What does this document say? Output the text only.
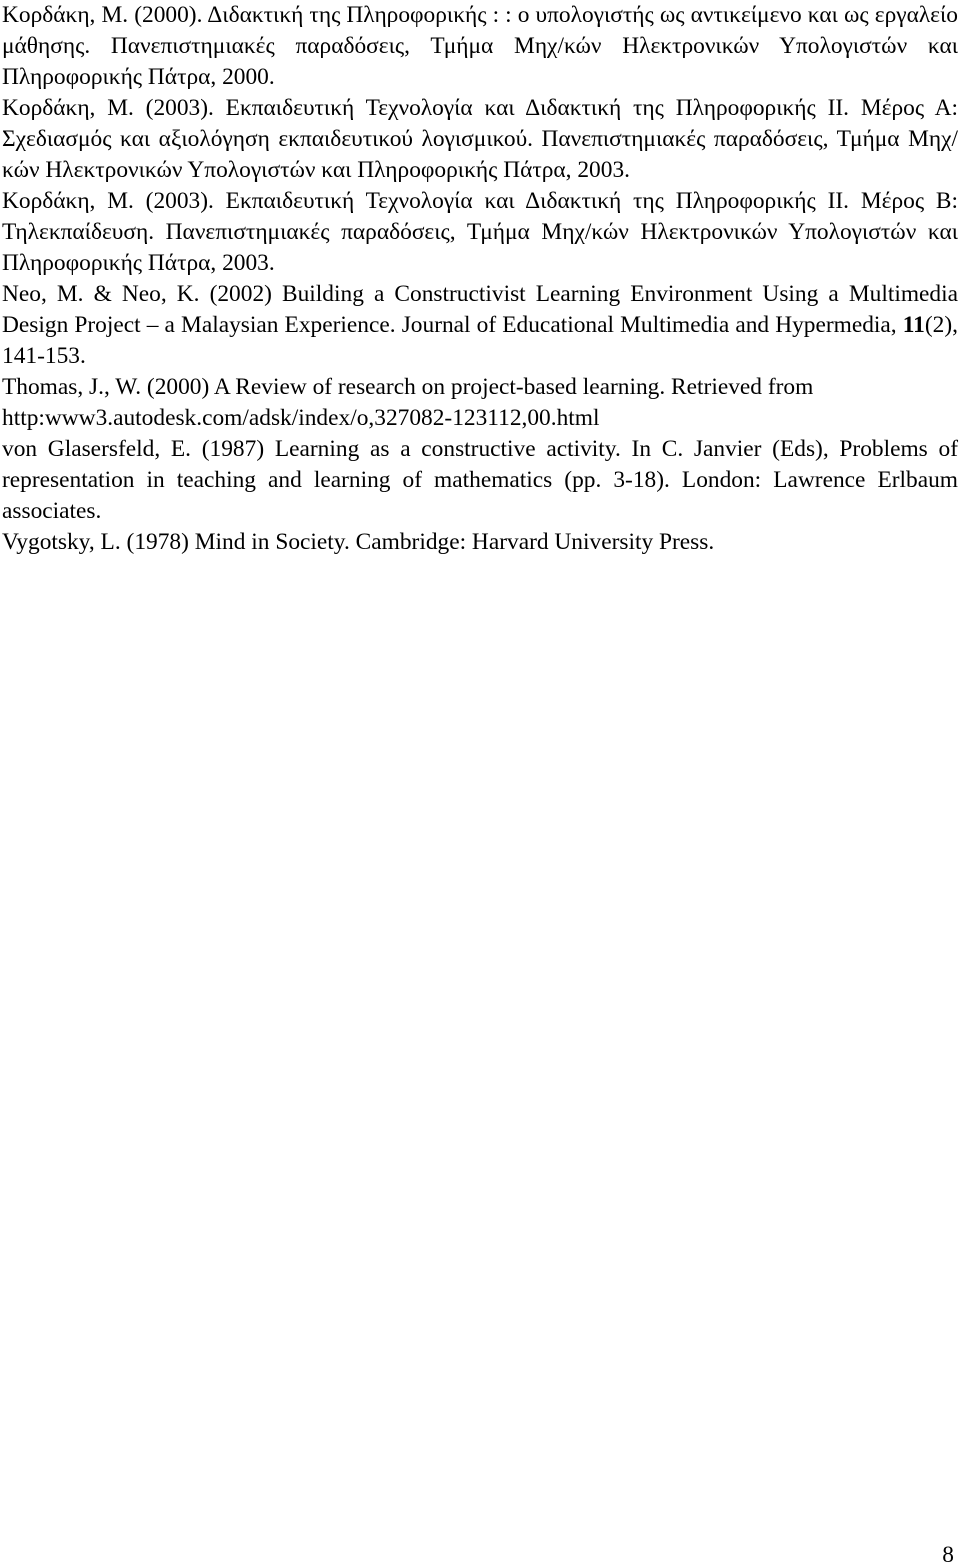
Κορδάκη, Μ. (2000). Διδακτική της Πληροφορικής : : ο υπολογιστής ως αντικείμενο και ως εργαλείο μάθησης. Πανεπιστημιακές παραδόσεις, Τμήμα Μηχ/κών Ηλεκτρονικών Υπολογιστών και Πληροφορικής Πάτρα, 2000.

Κορδάκη, Μ. (2003). Εκπαιδευτική Τεχνολογία και Διδακτική της Πληροφορικής ΙΙ. Μέρος Α: Σχεδιασμός και αξιολόγηση εκπαιδευτικού λογισμικού. Πανεπιστημιακές παραδόσεις, Τμήμα Μηχ/κών Ηλεκτρονικών Υπολογιστών και Πληροφορικής Πάτρα, 2003.

Κορδάκη, Μ. (2003). Εκπαιδευτική Τεχνολογία και Διδακτική της Πληροφορικής ΙΙ. Μέρος Β: Τηλεκπαίδευση. Πανεπιστημιακές παραδόσεις, Τμήμα Μηχ/κών Ηλεκτρονικών Υπολογιστών και Πληροφορικής Πάτρα, 2003.

Neo, M. & Neo, K. (2002) Building a Constructivist Learning Environment Using a Multimedia Design Project – a Malaysian Experience. Journal of Educational Multimedia and Hypermedia, 11(2), 141-153.

Thomas, J., W. (2000) A Review of research on project-based learning. Retrieved from http:www3.autodesk.com/adsk/index/o,327082-123112,00.html

von Glasersfeld, E. (1987) Learning as a constructive activity. In C. Janvier (Eds), Problems of representation in teaching and learning of mathematics (pp. 3-18). London: Lawrence Erlbaum associates.

Vygotsky, L. (1978) Mind in Society. Cambridge: Harvard University Press.

8
